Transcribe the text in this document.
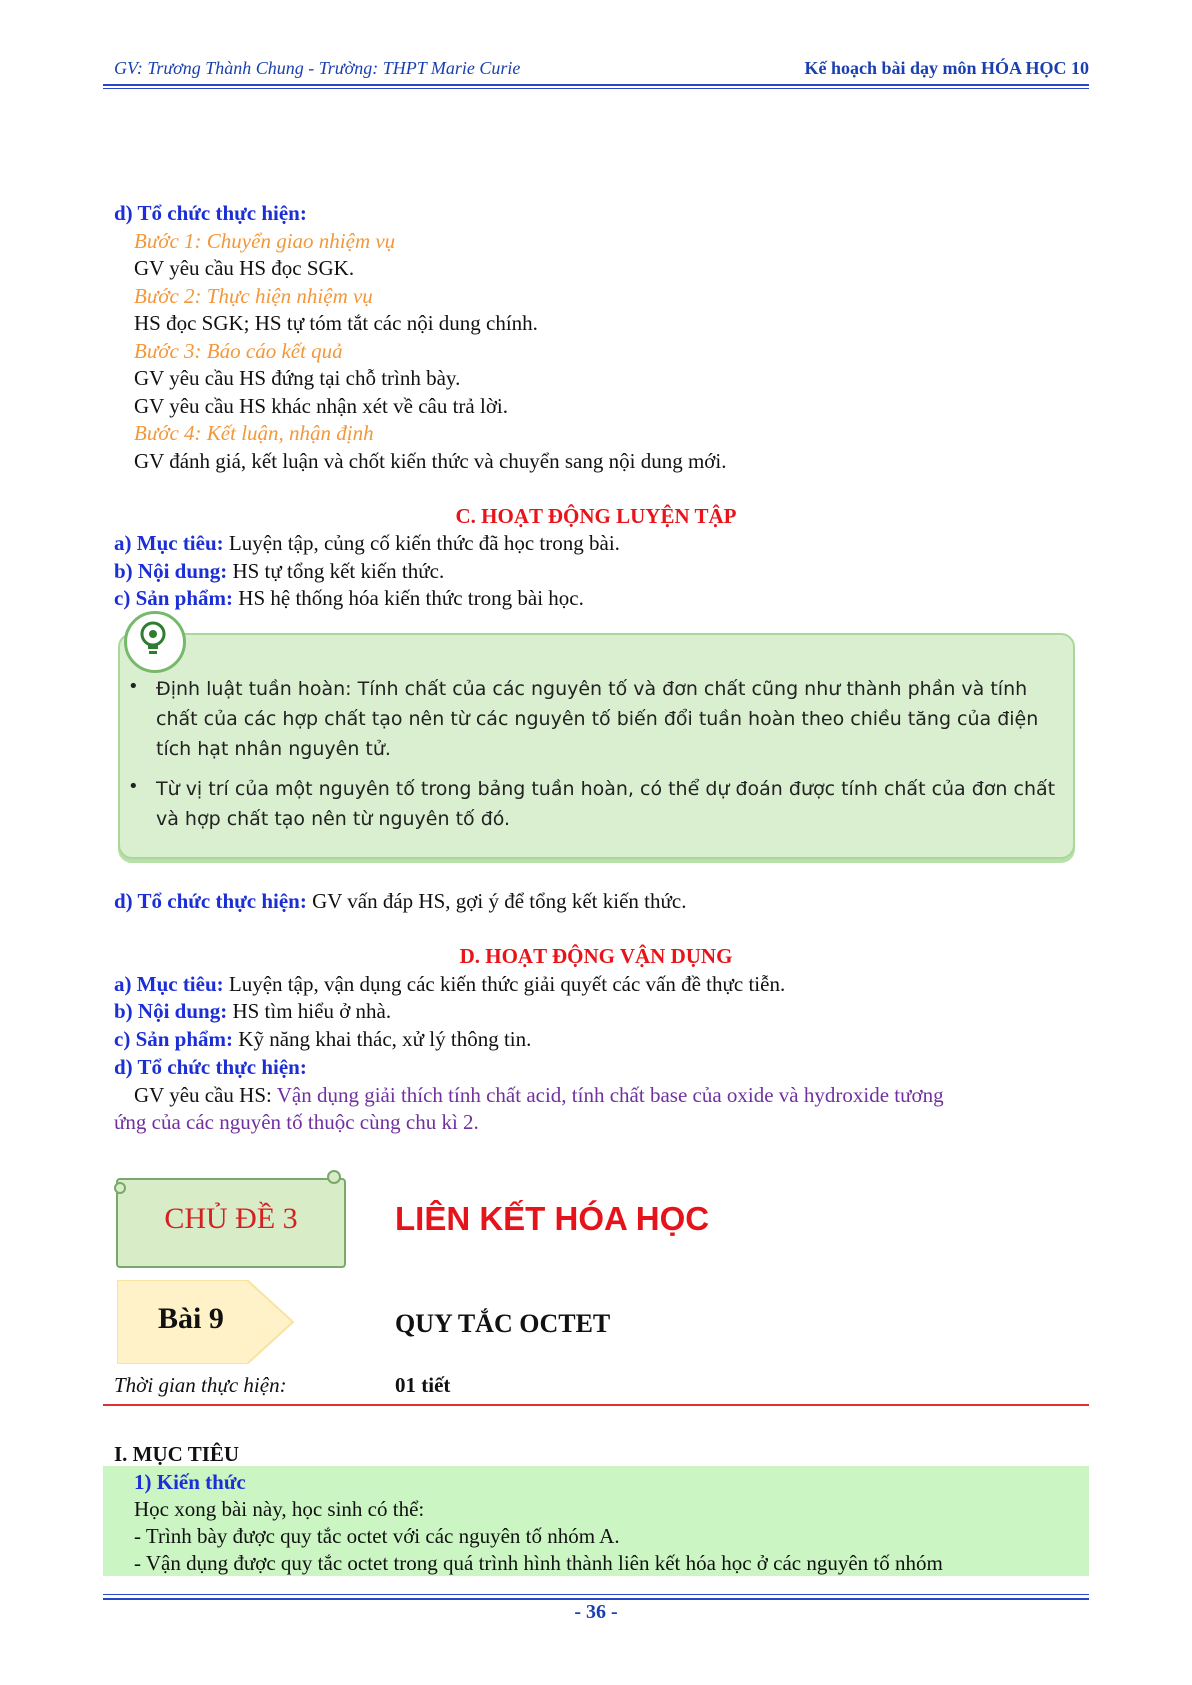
GV: Trương Thành Chung - Trường: THPT Marie Curie	Kế hoạch bài dạy môn HÓA HỌC 10
d) Tổ chức thực hiện:
Bước 1: Chuyển giao nhiệm vụ
GV yêu cầu HS đọc SGK.
Bước 2: Thực hiện nhiệm vụ
HS đọc SGK; HS tự tóm tắt các nội dung chính.
Bước 3: Báo cáo kết quả
GV yêu cầu HS đứng tại chỗ trình bày.
GV yêu cầu HS khác nhận xét về câu trả lời.
Bước 4: Kết luận, nhận định
GV đánh giá, kết luận và chốt kiến thức và chuyển sang nội dung mới.
C. HOẠT ĐỘNG LUYỆN TẬP
a) Mục tiêu: Luyện tập, củng cố kiến thức đã học trong bài.
b) Nội dung: HS tự tổng kết kiến thức.
c) Sản phẩm: HS hệ thống hóa kiến thức trong bài học.
• Định luật tuần hoàn: Tính chất của các nguyên tố và đơn chất cũng như thành phần và tính chất của các hợp chất tạo nên từ các nguyên tố biến đổi tuần hoàn theo chiều tăng của điện tích hạt nhân nguyên tử.
• Từ vị trí của một nguyên tố trong bảng tuần hoàn, có thể dự đoán được tính chất của đơn chất và hợp chất tạo nên từ nguyên tố đó.
d) Tổ chức thực hiện: GV vấn đáp HS, gợi ý để tổng kết kiến thức.
D. HOẠT ĐỘNG VẬN DỤNG
a) Mục tiêu: Luyện tập, vận dụng các kiến thức giải quyết các vấn đề thực tiễn.
b) Nội dung: HS tìm hiểu ở nhà.
c) Sản phẩm: Kỹ năng khai thác, xử lý thông tin.
d) Tổ chức thực hiện:
GV yêu cầu HS: Vận dụng giải thích tính chất acid, tính chất base của oxide và hydroxide tương
ứng của các nguyên tố thuộc cùng chu kì 2.
CHỦ ĐỀ 3	LIÊN KẾT HÓA HỌC
Bài 9	QUY TẮC OCTET
Thời gian thực hiện:	01 tiết
I. MỤC TIÊU
1) Kiến thức
Học xong bài này, học sinh có thể:
- Trình bày được quy tắc octet với các nguyên tố nhóm A.
- Vận dụng được quy tắc octet trong quá trình hình thành liên kết hóa học ở các nguyên tố nhóm
- 36 -
